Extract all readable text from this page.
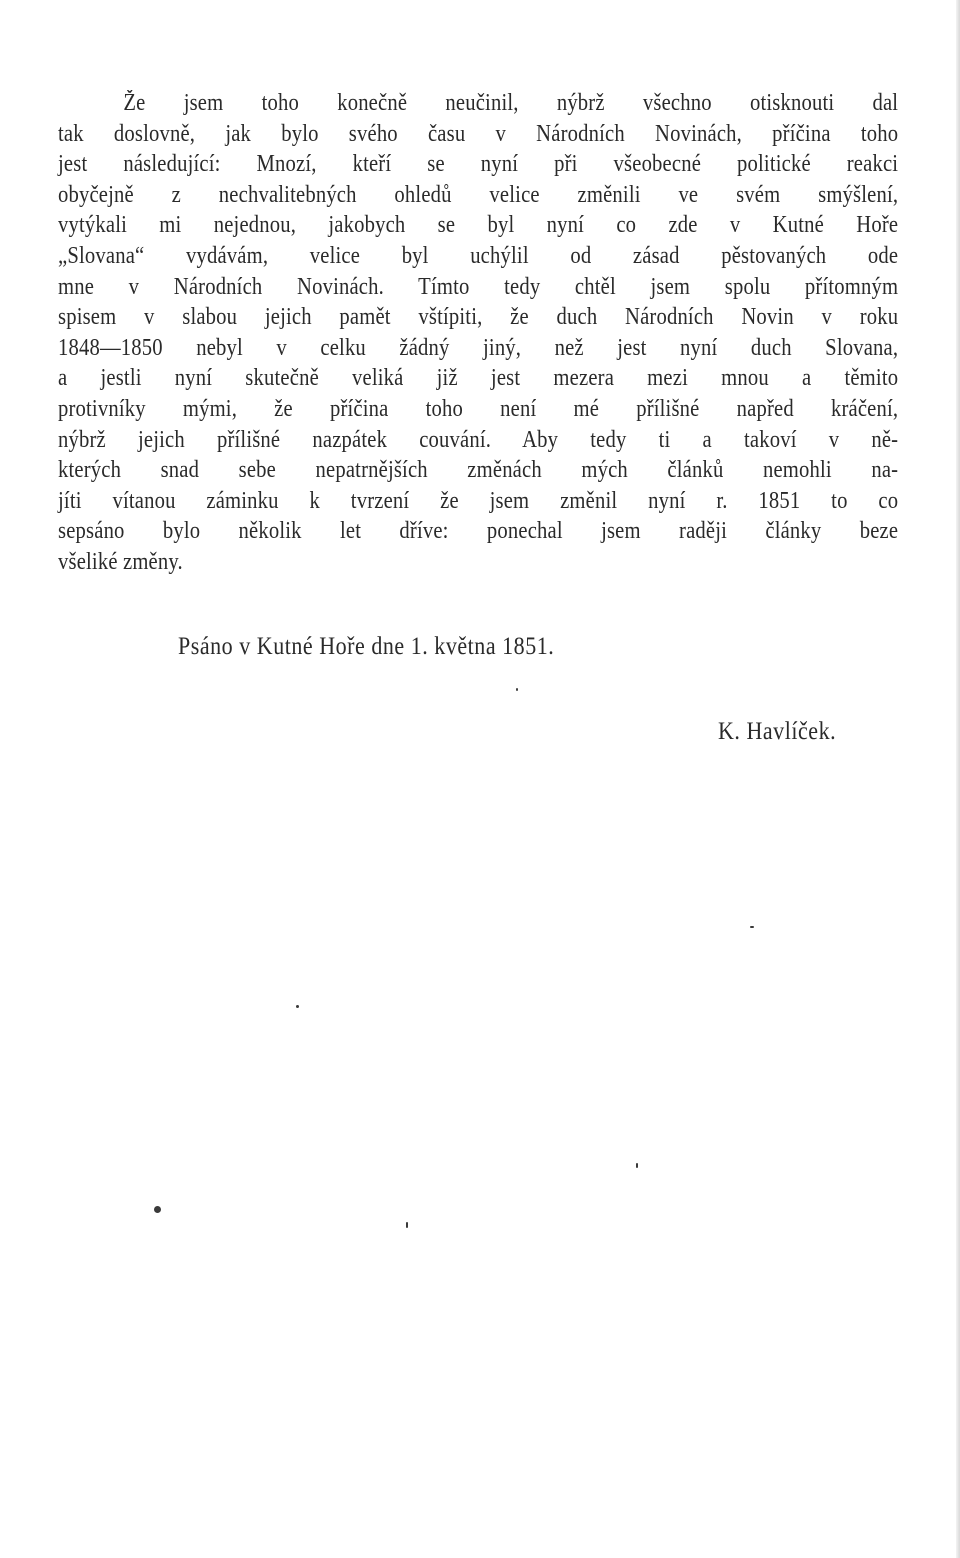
Že jsem toho konečně neučinil, nýbrž všechno otisknouti dal
tak doslovně, jak bylo svého času v Národních Novinách, příčina toho
jest následující: Mnozí, kteří se nyní při všeobecné politické reakci
obyčejně z nechvalitebných ohledů velice změnili ve svém smýšlení,
vytýkali mi nejednou, jakobych se byl nyní co zde v Kutné Hoře
„Slovana“ vydávám, velice byl uchýlil od zásad pěstovaných ode
mne v Národních Novinách. Tímto tedy chtěl jsem spolu přítomným
spisem v slabou jejich pamět vštípiti, že duch Národních Novin v roku
1848—1850 nebyl v celku žádný jiný, než jest nyní duch Slovana,
a jestli nyní skutečně veliká již jest mezera mezi mnou a těmito
protivníky mými, že příčina toho není mé přílišné napřed kráčení,
nýbrž jejich přílišné nazpátek couvání. Aby tedy ti a takoví v ně-
kterých snad sebe nepatrnějších změnách mých článků nemohli na-
jíti vítanou záminku k tvrzení že jsem změnil nyní r. 1851 to co
sepsáno bylo několik let dříve: ponechal jsem raději články beze
všeliké změny.
Psáno v Kutné Hoře dne 1. května 1851.
K. Havlíček.
